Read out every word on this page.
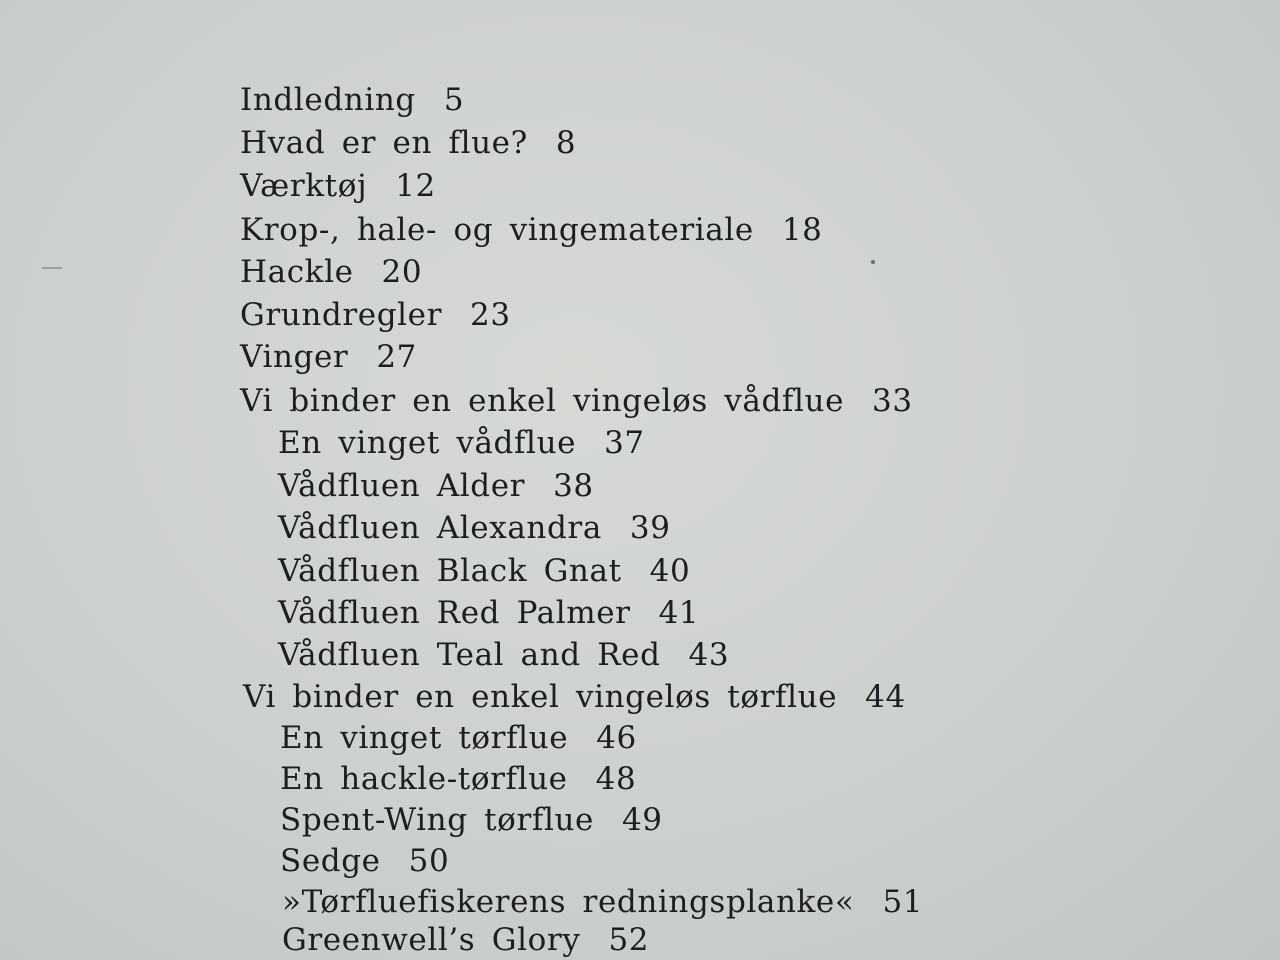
Indledning 5
Hvad er en flue? 8
Værktøj 12
Krop-, hale- og vingemateriale 18
Hackle 20
Grundregler 23
Vinger 27
Vi binder en enkel vingeløs vådflue 33
En vinget vådflue 37
Vådfluen Alder 38
Vådfluen Alexandra 39
Vådfluen Black Gnat 40
Vådfluen Red Palmer 41
Vådfluen Teal and Red 43
Vi binder en enkel vingeløs tørflue 44
En vinget tørflue 46
En hackle-tørflue 48
Spent-Wing tørflue 49
Sedge 50
»Tørfluefiskerens redningsplanke« 51
Greenwell’s Glory 52
